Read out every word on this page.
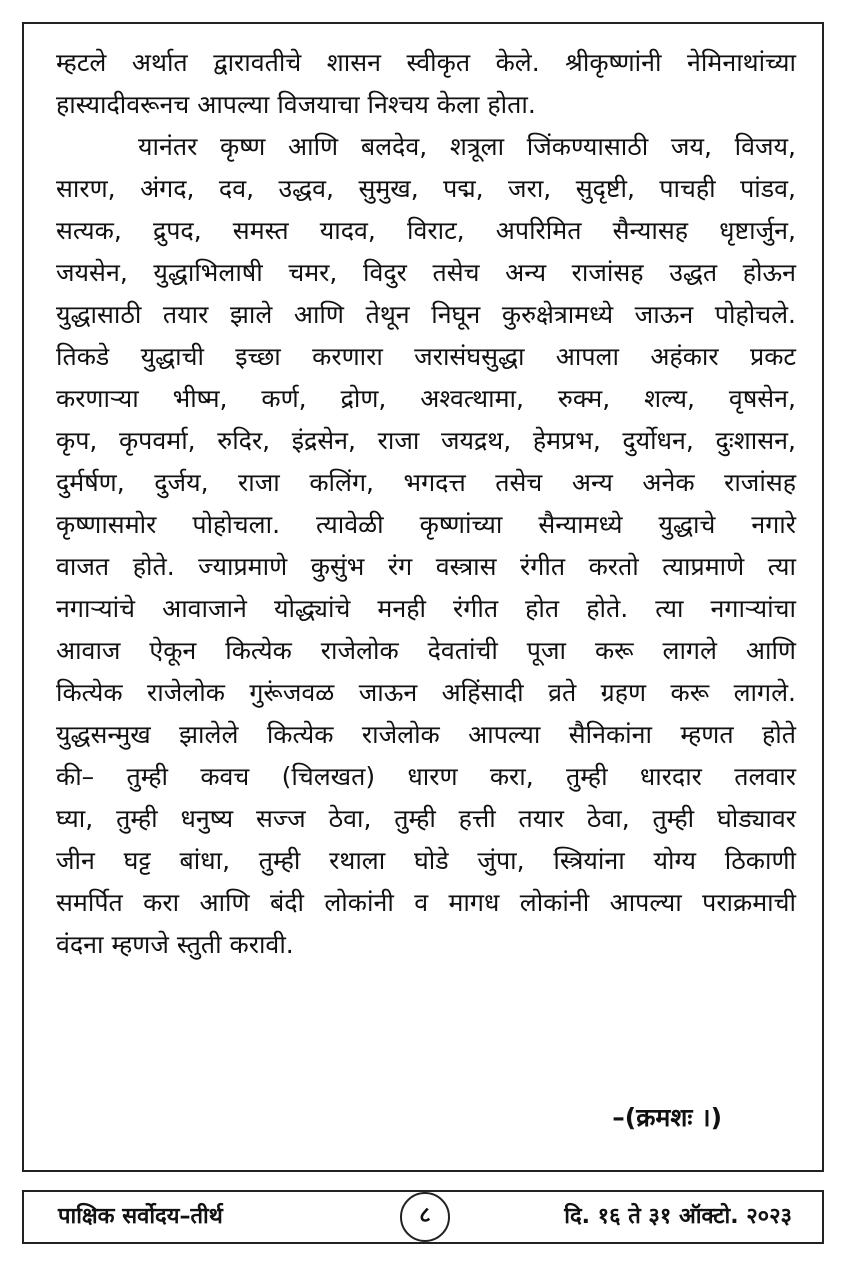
म्हटले अर्थात द्वारावतीचे शासन स्वीकृत केले. श्रीकृष्णांनी नेमिनाथांच्या
हास्यादीवरूनच आपल्या विजयाचा निश्चय केला होता.
यानंतर कृष्ण आणि बलदेव, शत्रूला जिंकण्यासाठी जय, विजय,
सारण, अंगद, दव, उद्धव, सुमुख, पद्म, जरा, सुदृष्टी, पाचही पांडव,
सत्यक, द्रुपद, समस्त यादव, विराट, अपरिमित सैन्यासह धृष्टार्जुन,
जयसेन, युद्धाभिलाषी चमर, विदुर तसेच अन्य राजांसह उद्धत होऊन
युद्धासाठी तयार झाले आणि तेथून निघून कुरुक्षेत्रामध्ये जाऊन पोहोचले.
तिकडे युद्धाची इच्छा करणारा जरासंघसुद्धा आपला अहंकार प्रकट
करणाऱ्या भीष्म, कर्ण, द्रोण, अश्वत्थामा, रुक्म, शल्य, वृषसेन,
कृप, कृपवर्मा, रुदिर, इंद्रसेन, राजा जयद्रथ, हेमप्रभ, दुर्योधन, दुःशासन,
दुर्मर्षण, दुर्जय, राजा कलिंग, भगदत्त तसेच अन्य अनेक राजांसह
कृष्णासमोर पोहोचला. त्यावेळी कृष्णांच्या सैन्यामध्ये युद्धाचे नगारे
वाजत होते. ज्याप्रमाणे कुसुंभ रंग वस्त्रास रंगीत करतो त्याप्रमाणे त्या
नगाऱ्यांचे आवाजाने योद्ध्यांचे मनही रंगीत होत होते. त्या नगाऱ्यांचा
आवाज ऐकून कित्येक राजेलोक देवतांची पूजा करू लागले आणि
कित्येक राजेलोक गुरूंजवळ जाऊन अहिंसादी व्रते ग्रहण करू लागले.
युद्धसन्मुख झालेले कित्येक राजेलोक आपल्या सैनिकांना म्हणत होते
की– तुम्ही कवच (चिलखत) धारण करा, तुम्ही धारदार तलवार
घ्या, तुम्ही धनुष्य सज्ज ठेवा, तुम्ही हत्ती तयार ठेवा, तुम्ही घोड्यावर
जीन घट्ट बांधा, तुम्ही रथाला घोडे जुंपा, स्त्रियांना योग्य ठिकाणी
समर्पित करा आणि बंदी लोकांनी व मागध लोकांनी आपल्या पराक्रमाची
वंदना म्हणजे स्तुती करावी.
–(क्रमशः ।)
पाक्षिक सर्वोदय–तीर्थ	८	दि. १६ ते ३१ ऑक्टो. २०२३
